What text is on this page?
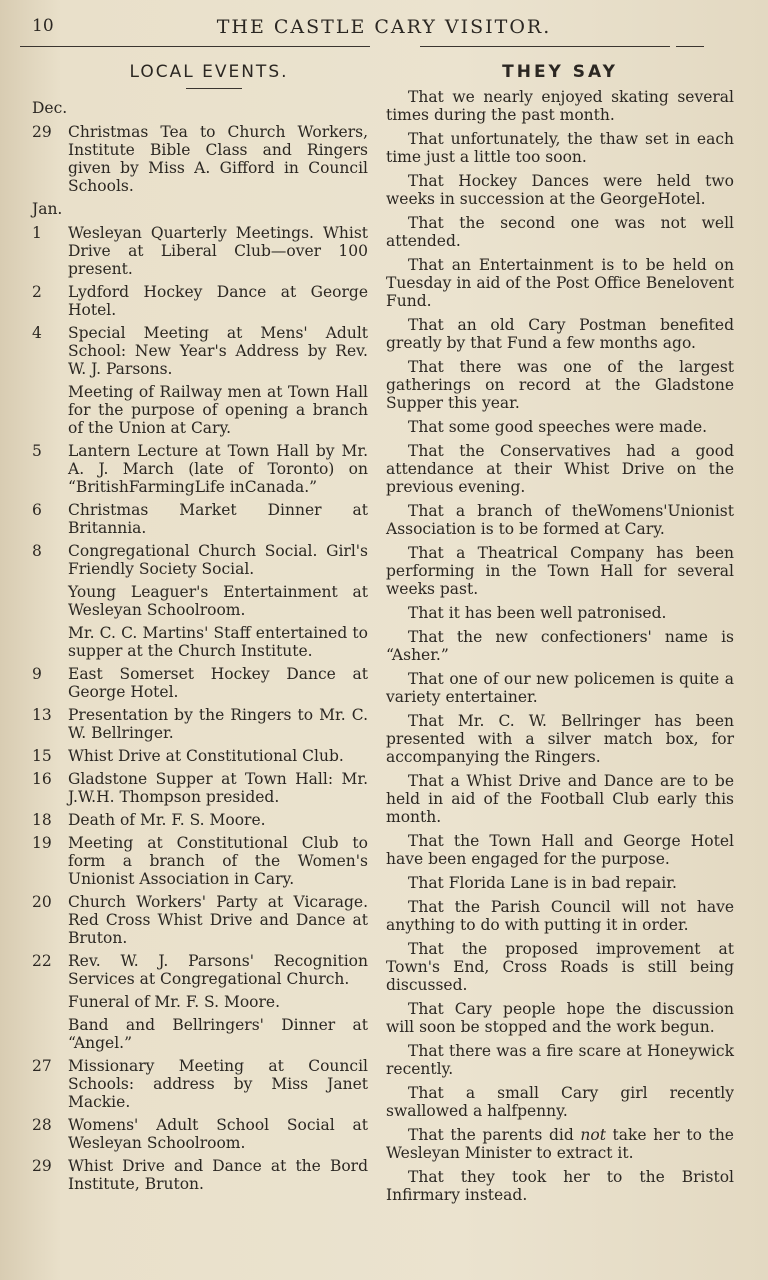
10	THE CASTLE CARY VISITOR.
LOCAL EVENTS.
Dec.
29	Christmas Tea to Church Workers, Institute Bible Class and Ringers given by Miss A. Gifford in Council Schools.
Jan.
1	Wesleyan Quarterly Meetings. Whist Drive at Liberal Club—over 100 present.
2	Lydford Hockey Dance at George Hotel.
4	Special Meeting at Mens' Adult School: New Year's Address by Rev. W. J. Parsons.
Meeting of Railway men at Town Hall for the purpose of opening a branch of the Union at Cary.
5	Lantern Lecture at Town Hall by Mr. A. J. March (late of Toronto) on “BritishFarmingLife inCanada.”
6	Christmas Market Dinner at Britannia.
8	Congregational Church Social. Girl's Friendly Society Social.
Young Leaguer's Entertainment at Wesleyan Schoolroom.
Mr. C. C. Martins' Staff entertained to supper at the Church Institute.
9	East Somerset Hockey Dance at George Hotel.
13	Presentation by the Ringers to Mr. C. W. Bellringer.
15	Whist Drive at Constitutional Club.
16	Gladstone Supper at Town Hall: Mr. J.W.H. Thompson presided.
18	Death of Mr. F. S. Moore.
19	Meeting at Constitutional Club to form a branch of the Women's Unionist Association in Cary.
20	Church Workers' Party at Vicarage. Red Cross Whist Drive and Dance at Bruton.
22	Rev. W. J. Parsons' Recognition Services at Congregational Church.
Funeral of Mr. F. S. Moore.
Band and Bellringers' Dinner at “Angel.”
27	Missionary Meeting at Council Schools: address by Miss Janet Mackie.
28	Womens' Adult School Social at Wesleyan Schoolroom.
29	Whist Drive and Dance at the Bord Institute, Bruton.
THEY SAY

That we nearly enjoyed skating several times during the past month.

That unfortunately, the thaw set in each time just a little too soon.

That Hockey Dances were held two weeks in succession at the GeorgeHotel.

That the second one was not well attended.

That an Entertainment is to be held on Tuesday in aid of the Post Office Benelovent Fund.

That an old Cary Postman benefited greatly by that Fund a few months ago.

That there was one of the largest gatherings on record at the Gladstone Supper this year.

That some good speeches were made.

That the Conservatives had a good attendance at their Whist Drive on the previous evening.

That a branch of theWomens'Unionist Association is to be formed at Cary.

That a Theatrical Company has been performing in the Town Hall for several weeks past.

That it has been well patronised.

That the new confectioners' name is “Asher.”

That one of our new policemen is quite a variety entertainer.

That Mr. C. W. Bellringer has been presented with a silver match box, for accompanying the Ringers.

That a Whist Drive and Dance are to be held in aid of the Football Club early this month.

That the Town Hall and George Hotel have been engaged for the purpose.

That Florida Lane is in bad repair.

That the Parish Council will not have anything to do with putting it in order.

That the proposed improvement at Town's End, Cross Roads is still being discussed.

That Cary people hope the discussion will soon be stopped and the work begun.

That there was a fire scare at Honeywick recently.

That a small Cary girl recently swallowed a halfpenny.

That the parents did not take her to the Wesleyan Minister to extract it.

That they took her to the Bristol Infirmary instead.
